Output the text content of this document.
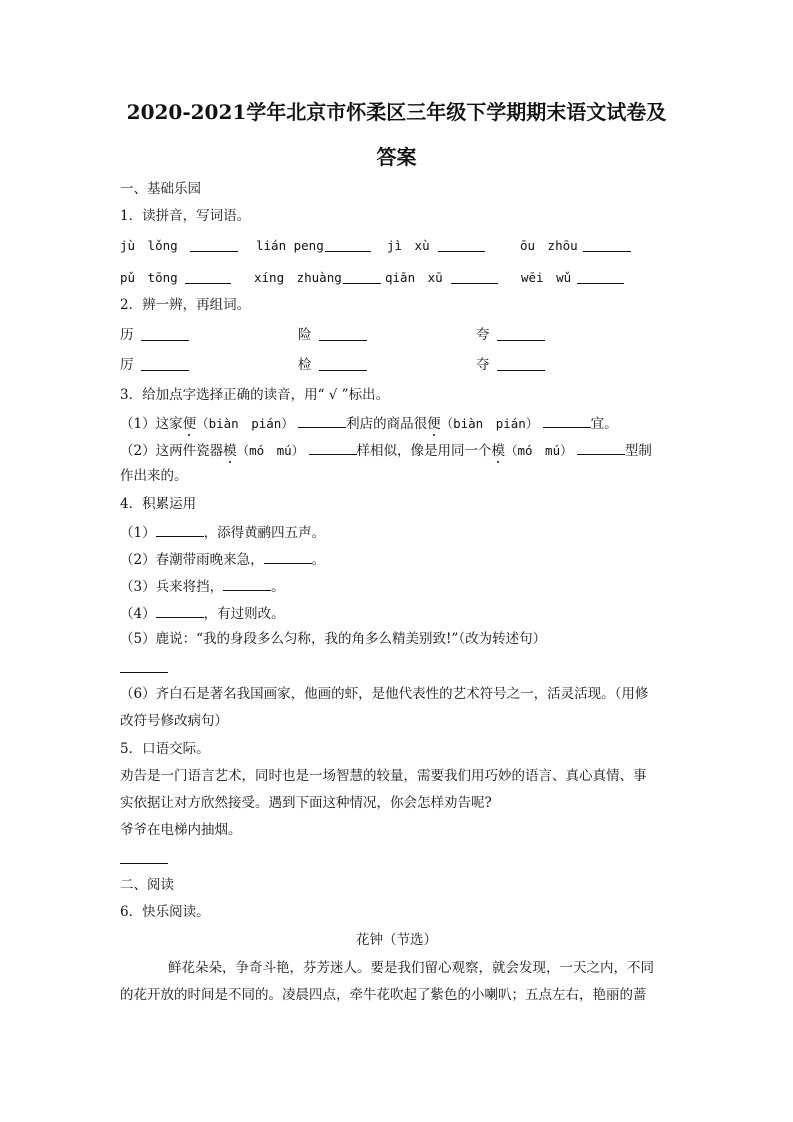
2020-2021学年北京市怀柔区三年级下学期期末语文试卷及
答案
一、基础乐园
1．读拼音，写词语。
jù　lǒng	lián peng	jì　xù	ōu　zhōu
pǔ　tōng	xíng　zhuàng	qiān　xū	wēi　wǔ
2．辨一辨，再组词。
历	险	夸
厉	检	夺
3．给加点字选择正确的读音，用“ √ ”标出。
（1）这家便（biàn　pián）	利店的商品很便（biàn　pián）	宜。
（2）这两件瓷器模（mó　mú）	样相似，像是用同一个模（mó　mú）	型制
作出来的。
4．积累运用
（1）	，添得黄鹂四五声。
（2）春潮带雨晚来急，	。
（3）兵来将挡，	。
（4）	，有过则改。
（5）鹿说：“我的身段多么匀称，我的角多么精美别致!”（改为转述句）
（6）齐白石是著名我国画家，他画的虾，是他代表性的艺术符号之一，活灵活现。（用修
改符号修改病句）
5．口语交际。
劝告是一门语言艺术，同时也是一场智慧的较量，需要我们用巧妙的语言、真心真情、事
实依据让对方欣然接受。遇到下面这种情况，你会怎样劝告呢?
爷爷在电梯内抽烟。
二、阅读
6．快乐阅读。
花钟（节选）
鲜花朵朵，争奇斗艳，芬芳迷人。要是我们留心观察，就会发现，一天之内，不同
的花开放的时间是不同的。凌晨四点，牵牛花吹起了紫色的小喇叭；五点左右，艳丽的蔷
